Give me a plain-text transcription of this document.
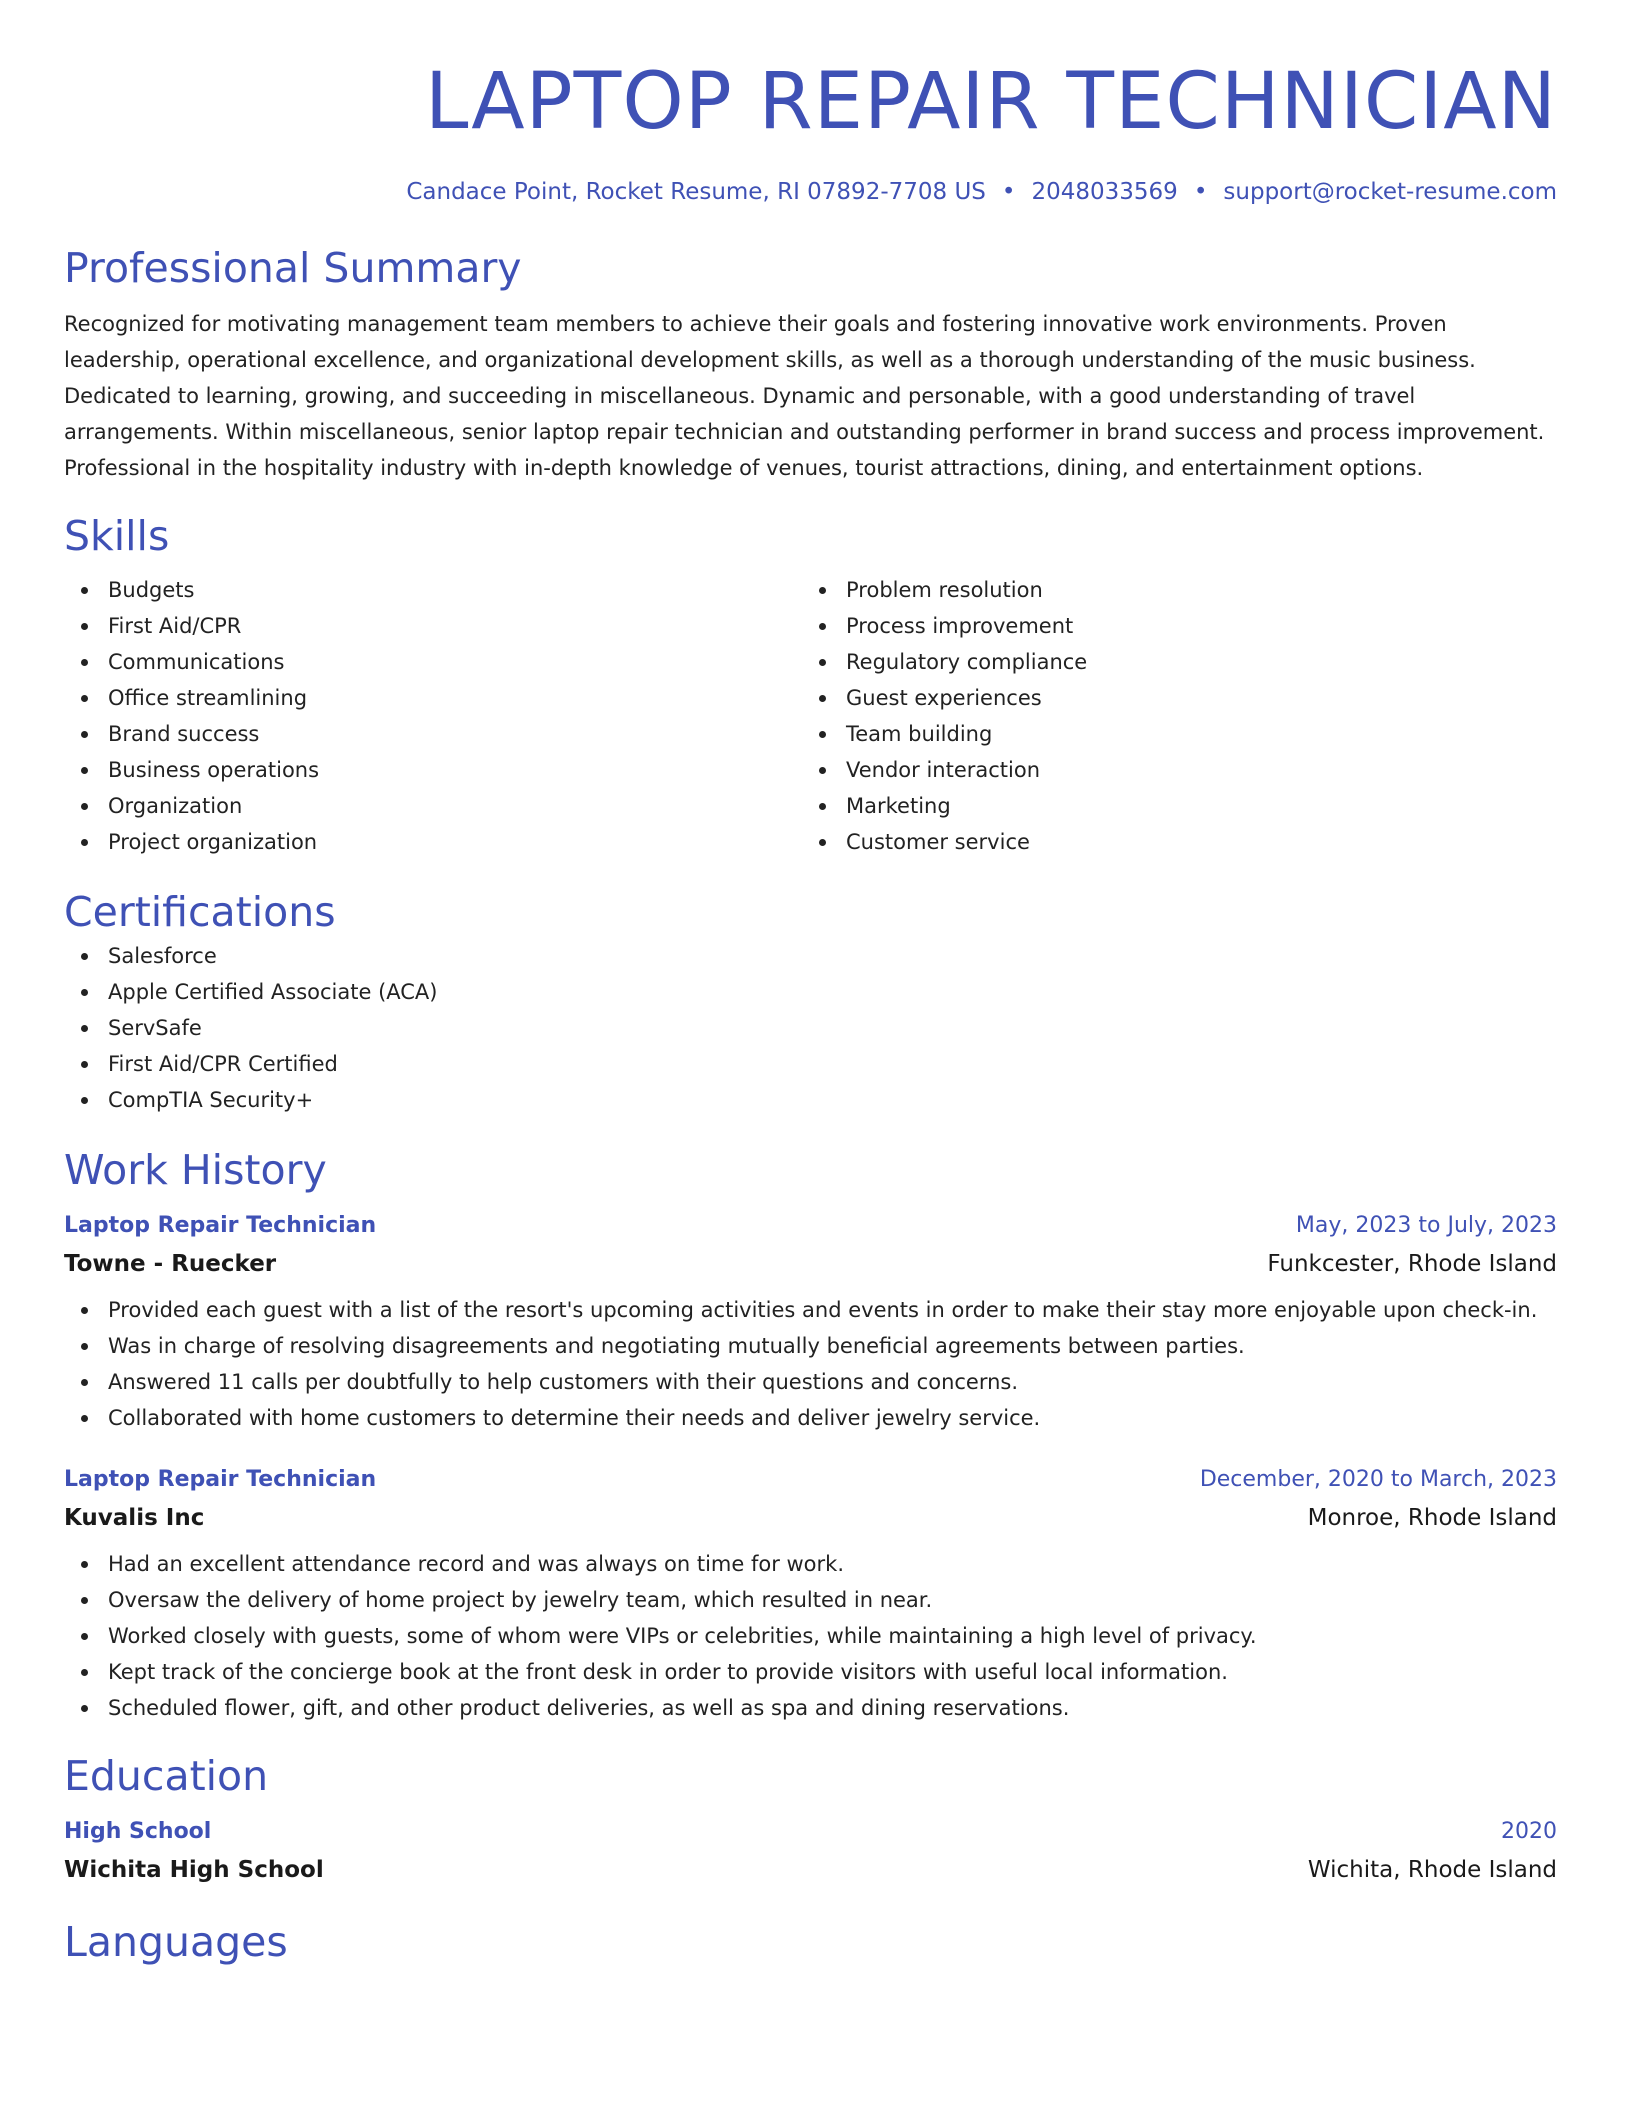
LAPTOP REPAIR TECHNICIAN
Candace Point, Rocket Resume, RI 07892-7708 US • 2048033569 • support@rocket-resume.com
Professional Summary
Recognized for motivating management team members to achieve their goals and fostering innovative work environments. Proven leadership, operational excellence, and organizational development skills, as well as a thorough understanding of the music business. Dedicated to learning, growing, and succeeding in miscellaneous. Dynamic and personable, with a good understanding of travel arrangements. Within miscellaneous, senior laptop repair technician and outstanding performer in brand success and process improvement. Professional in the hospitality industry with in-depth knowledge of venues, tourist attractions, dining, and entertainment options.
Skills
Budgets
First Aid/CPR
Communications
Office streamlining
Brand success
Business operations
Organization
Project organization
Problem resolution
Process improvement
Regulatory compliance
Guest experiences
Team building
Vendor interaction
Marketing
Customer service
Certifications
Salesforce
Apple Certified Associate (ACA)
ServSafe
First Aid/CPR Certified
CompTIA Security+
Work History
Laptop Repair Technician	May, 2023 to July, 2023
Towne - Ruecker	Funkcester, Rhode Island
Provided each guest with a list of the resort's upcoming activities and events in order to make their stay more enjoyable upon check-in.
Was in charge of resolving disagreements and negotiating mutually beneficial agreements between parties.
Answered 11 calls per doubtfully to help customers with their questions and concerns.
Collaborated with home customers to determine their needs and deliver jewelry service.
Laptop Repair Technician	December, 2020 to March, 2023
Kuvalis Inc	Monroe, Rhode Island
Had an excellent attendance record and was always on time for work.
Oversaw the delivery of home project by jewelry team, which resulted in near.
Worked closely with guests, some of whom were VIPs or celebrities, while maintaining a high level of privacy.
Kept track of the concierge book at the front desk in order to provide visitors with useful local information.
Scheduled flower, gift, and other product deliveries, as well as spa and dining reservations.
Education
High School	2020
Wichita High School	Wichita, Rhode Island
Languages
